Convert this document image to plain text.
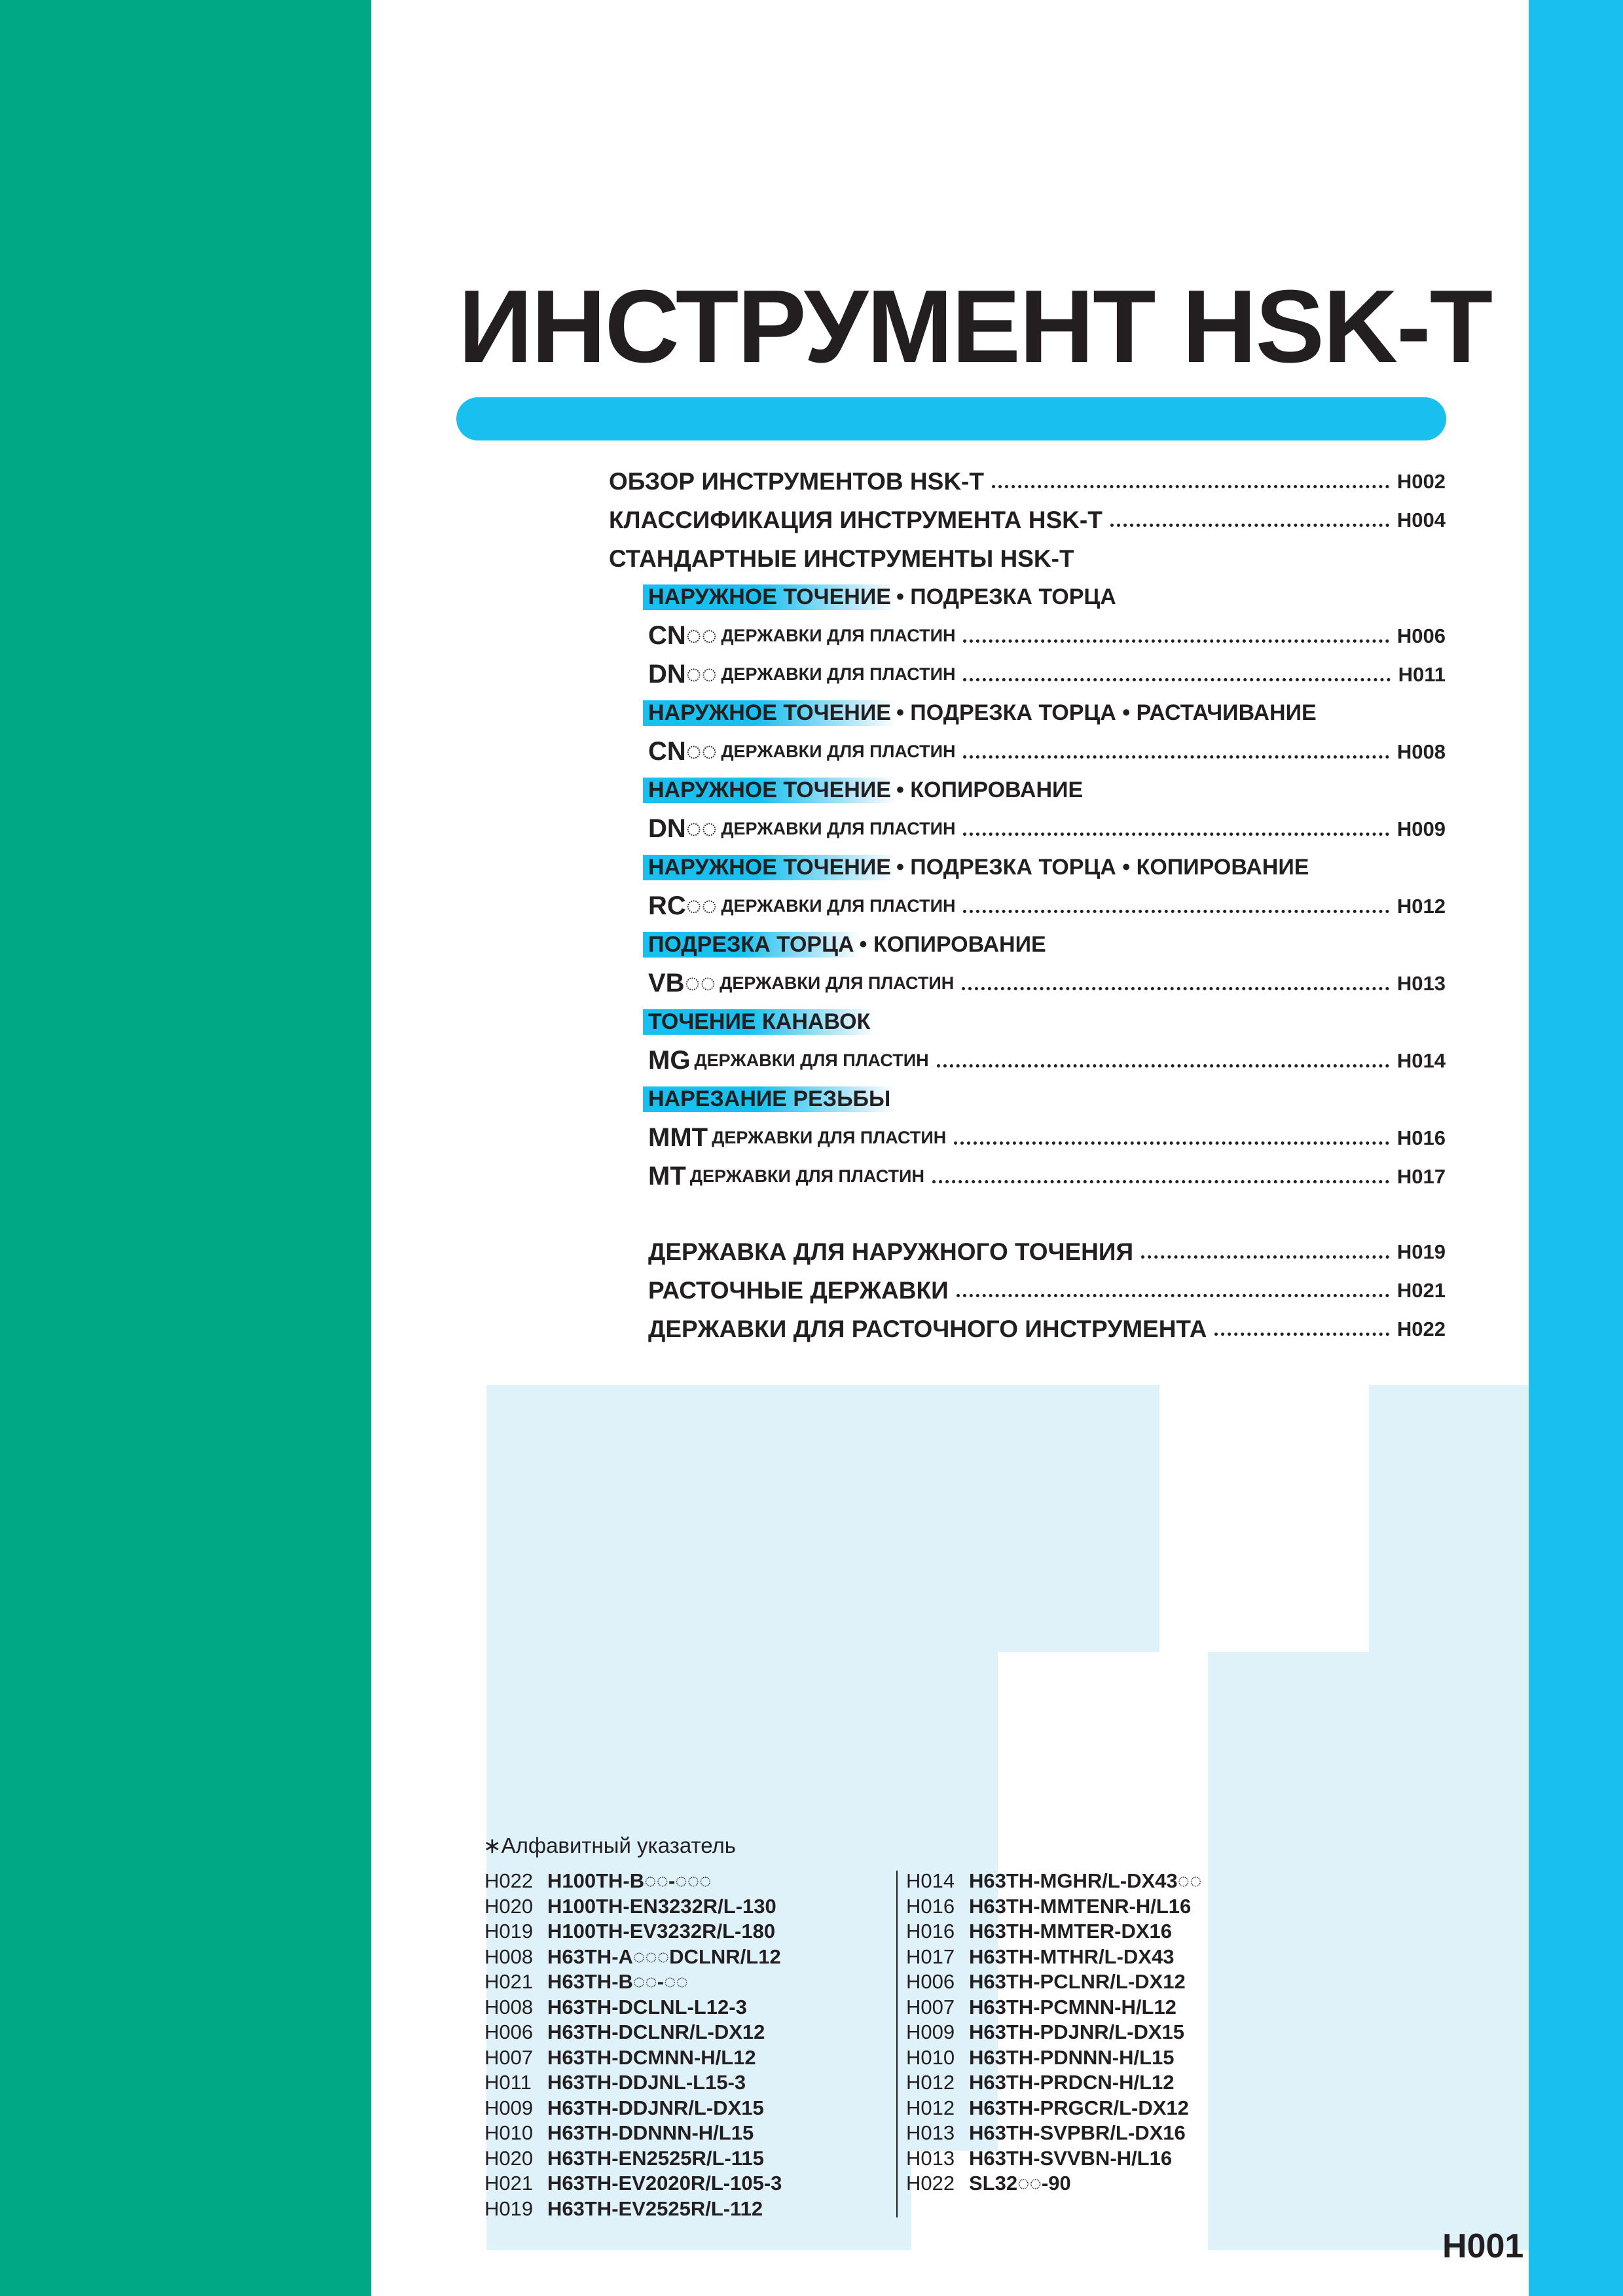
ИНСТРУМЕНТ HSK-T
ОБЗОР ИНСТРУМЕНТОВ HSK-T	H002
КЛАССИФИКАЦИЯ ИНСТРУМЕНТА HSK-T	H004
СТАНДАРТНЫЕ ИНСТРУМЕНТЫ HSK-T
НАРУЖНОЕ ТОЧЕНИЕ • ПОДРЕЗКА ТОРЦА
CN◌◌ ДЕРЖАВКИ ДЛЯ ПЛАСТИН	H006
DN◌◌ ДЕРЖАВКИ ДЛЯ ПЛАСТИН	H011
НАРУЖНОЕ ТОЧЕНИЕ • ПОДРЕЗКА ТОРЦА • РАСТАЧИВАНИЕ
CN◌◌ ДЕРЖАВКИ ДЛЯ ПЛАСТИН	H008
НАРУЖНОЕ ТОЧЕНИЕ • КОПИРОВАНИЕ
DN◌◌ ДЕРЖАВКИ ДЛЯ ПЛАСТИН	H009
НАРУЖНОЕ ТОЧЕНИЕ • ПОДРЕЗКА ТОРЦА • КОПИРОВАНИЕ
RC◌◌ ДЕРЖАВКИ ДЛЯ ПЛАСТИН	H012
ПОДРЕЗКА ТОРЦА • КОПИРОВАНИЕ
VB◌◌ ДЕРЖАВКИ ДЛЯ ПЛАСТИН	H013
ТОЧЕНИЕ КАНАВОК
MG ДЕРЖАВКИ ДЛЯ ПЛАСТИН	H014
НАРЕЗАНИЕ РЕЗЬБЫ
MMT ДЕРЖАВКИ ДЛЯ ПЛАСТИН	H016
MT ДЕРЖАВКИ ДЛЯ ПЛАСТИН	H017
ДЕРЖАВКА ДЛЯ НАРУЖНОГО ТОЧЕНИЯ	H019
РАСТОЧНЫЕ ДЕРЖАВКИ	H021
ДЕРЖАВКИ ДЛЯ РАСТОЧНОГО ИНСТРУМЕНТА	H022
∗Алфавитный указатель
H022 H100TH-B◌◌-◌◌◌
H020 H100TH-EN3232R/L-130
H019 H100TH-EV3232R/L-180
H008 H63TH-A◌◌◌DCLNR/L12
H021 H63TH-B◌◌-◌◌
H008 H63TH-DCLNL-L12-3
H006 H63TH-DCLNR/L-DX12
H007 H63TH-DCMNN-H/L12
H011 H63TH-DDJNL-L15-3
H009 H63TH-DDJNR/L-DX15
H010 H63TH-DDNNN-H/L15
H020 H63TH-EN2525R/L-115
H021 H63TH-EV2020R/L-105-3
H019 H63TH-EV2525R/L-112
H014 H63TH-MGHR/L-DX43◌◌
H016 H63TH-MMTENR-H/L16
H016 H63TH-MMTER-DX16
H017 H63TH-MTHR/L-DX43
H006 H63TH-PCLNR/L-DX12
H007 H63TH-PCMNN-H/L12
H009 H63TH-PDJNR/L-DX15
H010 H63TH-PDNNN-H/L15
H012 H63TH-PRDCN-H/L12
H012 H63TH-PRGCR/L-DX12
H013 H63TH-SVPBR/L-DX16
H013 H63TH-SVVBN-H/L16
H022 SL32◌◌-90
H001
